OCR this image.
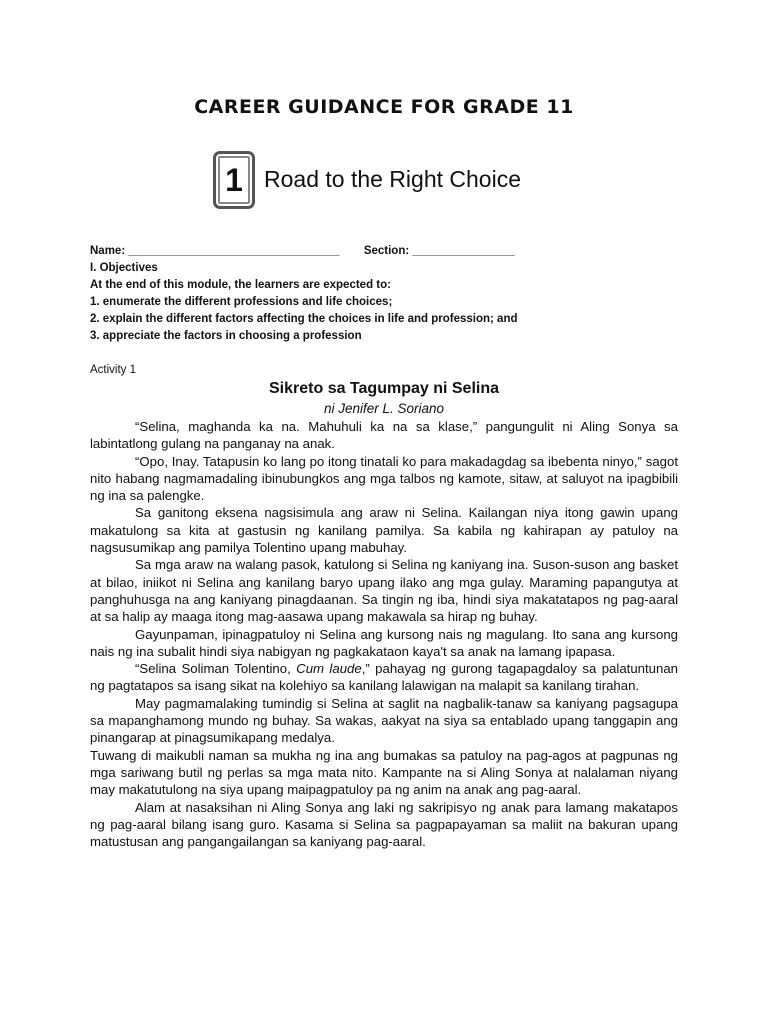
CAREER GUIDANCE FOR GRADE 11
1 Road to the Right Choice
Name: _________________________________ Section: ________________
I. Objectives
At the end of this module, the learners are expected to:
1. enumerate the different professions and life choices;
2. explain the different factors affecting the choices in life and profession; and
3. appreciate the factors in choosing a profession
Activity 1
Sikreto sa Tagumpay ni Selina
ni Jenifer L. Soriano

“Selina, maghanda ka na. Mahuhuli ka na sa klase,” pangungulit ni Aling Sonya sa labintatlong gulang na panganay na anak.

“Opo, Inay. Tatapusin ko lang po itong tinatali ko para makadagdag sa ibebenta ninyo,” sagot nito habang nagmamadaling ibinubungkos ang mga talbos ng kamote, sitaw, at saluyot na ipagbibili ng ina sa palengke.

Sa ganitong eksena nagsisimula ang araw ni Selina. Kailangan niya itong gawin upang makatulong sa kita at gastusin ng kanilang pamilya. Sa kabila ng kahirapan ay patuloy na nagsusumikap ang pamilya Tolentino upang mabuhay.

Sa mga araw na walang pasok, katulong si Selina ng kaniyang ina. Suson-suson ang basket at bilao, iniikot ni Selina ang kanilang baryo upang ilako ang mga gulay. Maraming papangutya at panghuhusga na ang kaniyang pinagdaanan. Sa tingin ng iba, hindi siya makatatapos ng pag-aaral at sa halip ay maaga itong mag-aasawa upang makawala sa hirap ng buhay.

Gayunpaman, ipinagpatuloy ni Selina ang kursong nais ng magulang. Ito sana ang kursong nais ng ina subalit hindi siya nabigyan ng pagkakataon kaya't sa anak na lamang ipapasa.

“Selina Soliman Tolentino, Cum laude,” pahayag ng gurong tagapagdaloy sa palatuntunan ng pagtatapos sa isang sikat na kolehiyo sa kanilang lalawigan na malapit sa kanilang tirahan.

May pagmamalaking tumindig si Selina at saglit na nagbalik-tanaw sa kaniyang pagsagupa sa mapanghamong mundo ng buhay. Sa wakas, aakyat na siya sa entablado upang tanggapin ang pinangarap at pinagsumikapang medalya.

Tuwang di maikubli naman sa mukha ng ina ang bumakas sa patuloy na pag-agos at pagpunas ng mga sariwang butil ng perlas sa mga mata nito. Kampante na si Aling Sonya at nalalaman niyang may makatutulong na siya upang maipagpatuloy pa ng anim na anak ang pag-aaral.

Alam at nasaksihan ni Aling Sonya ang laki ng sakripisyo ng anak para lamang makatapos ng pag-aaral bilang isang guro. Kasama si Selina sa pagpapayaman sa maliit na bakuran upang matustusan ang pangangailangan sa kaniyang pag-aaral.
